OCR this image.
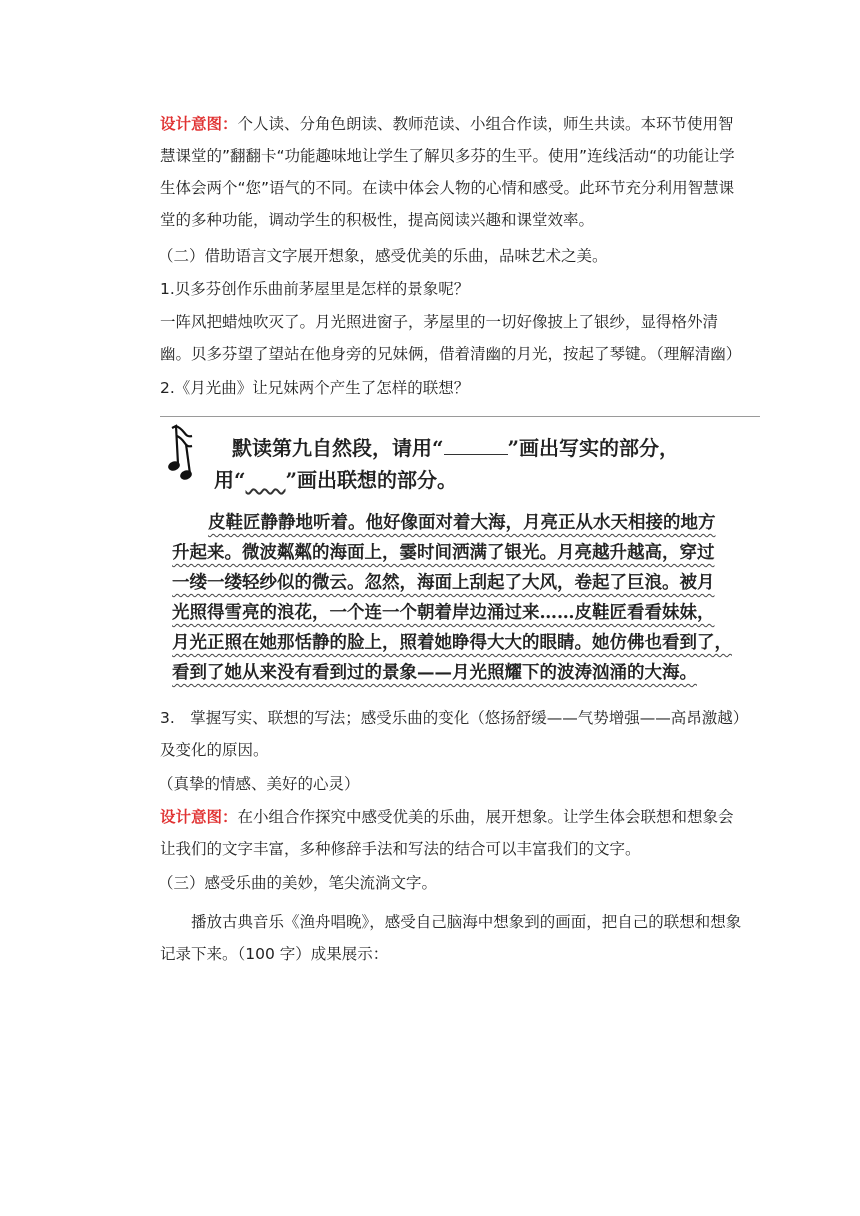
设计意图：个人读、分角色朗读、教师范读、小组合作读，师生共读。本环节使用智慧课堂的”翻翻卡“功能趣味地让学生了解贝多芬的生平。使用”连线活动“的功能让学生体会两个“您”语气的不同。在读中体会人物的心情和感受。此环节充分利用智慧课堂的多种功能，调动学生的积极性，提高阅读兴趣和课堂效率。

（二）借助语言文字展开想象，感受优美的乐曲，品味艺术之美。

1.贝多芬创作乐曲前茅屋里是怎样的景象呢？

一阵风把蜡烛吹灭了。月光照进窗子，茅屋里的一切好像披上了银纱，显得格外清幽。贝多芬望了望站在他身旁的兄妹俩，借着清幽的月光，按起了琴键。（理解清幽）

2.《月光曲》让兄妹两个产生了怎样的联想？

默读第九自然段，请用“	”画出写实的部分，
用“　　 ”画出联想的部分。
皮鞋匠静静地听着。他好像面对着大海，月亮正从水天相接的地方
升起来。微波粼粼的海面上，霎时间洒满了银光。月亮越升越高，穿过
一缕一缕轻纱似的微云。忽然，海面上刮起了大风，卷起了巨浪。被月
光照得雪亮的浪花，一个连一个朝着岸边涌过来……皮鞋匠看看妹妹，
月光正照在她那恬静的脸上，照着她睁得大大的眼睛。她仿佛也看到了，
看到了她从来没有看到过的景象——月光照耀下的波涛汹涌的大海。

3.　掌握写实、联想的写法；感受乐曲的变化（悠扬舒缓——气势增强——高昂激越）及变化的原因。

（真挚的情感、美好的心灵）

设计意图：在小组合作探究中感受优美的乐曲，展开想象。让学生体会联想和想象会让我们的文字丰富，多种修辞手法和写法的结合可以丰富我们的文字。

（三）感受乐曲的美妙，笔尖流淌文字。

播放古典音乐《渔舟唱晚》，感受自己脑海中想象到的画面，把自己的联想和想象记录下来。（100 字）成果展示：
